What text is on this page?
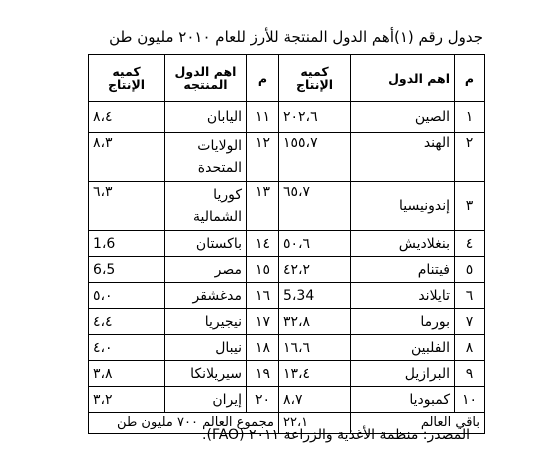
جدول رقم (١)أهم الدول المنتجة للأرز للعام ٢٠١٠ مليون طن
م	اهم الدول	كميه الإنتاج	م	اهم الدول المنتجه	كميه الإنتاج
١	الصين	٢٠٢،٦	١١	اليابان	٨،٤
٢	الهند	١٥٥،٧	١٢	الولايات المتحدة	٨،٣
٣	إندونيسيا	٦٥،٧	١٣	كوريا الشمالية	٦،٣
٤	بنغلاديش	٥٠،٦	١٤	باكستان	1،6
٥	فيتنام	٤٢،٢	١٥	مصر	6،5
٦	تايلاند	5،34	١٦	مدغشقر	٥،٠
٧	بورما	٣٢،٨	١٧	نيجيريا	٤،٤
٨	الفلبين	١٦،٦	١٨	نيبال	٤،٠
٩	البرازيل	١٣،٤	١٩	سيريلانكا	٣،٨
١٠	كمبوديا	٨،٧	٢٠	إيران	٣،٢
باقي العالم		٢٢،١	مجموع العالم ٧٠٠ مليون طن		
المصدر: منظمة الأغذية والزراعة ٢٠١١ (FAO).
